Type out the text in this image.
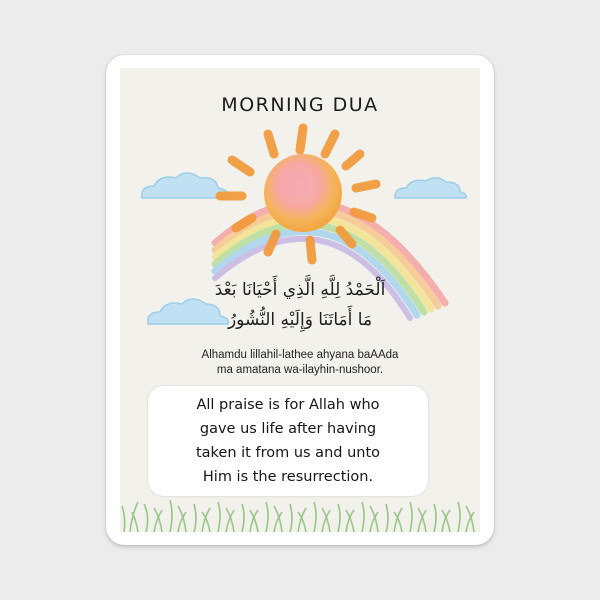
MORNING DUA
اَلْحَمْدُ لِلَّهِ الَّذِي أَحْيَانَا بَعْدَ
مَا أَمَاتَنَا وَإِلَيْهِ النُّشُورُ
Alhamdu lillahil-lathee ahyana baAAda
ma amatana wa-ilayhin-nushoor.
All praise is for Allah who
gave us life after having
taken it from us and unto
Him is the resurrection.
